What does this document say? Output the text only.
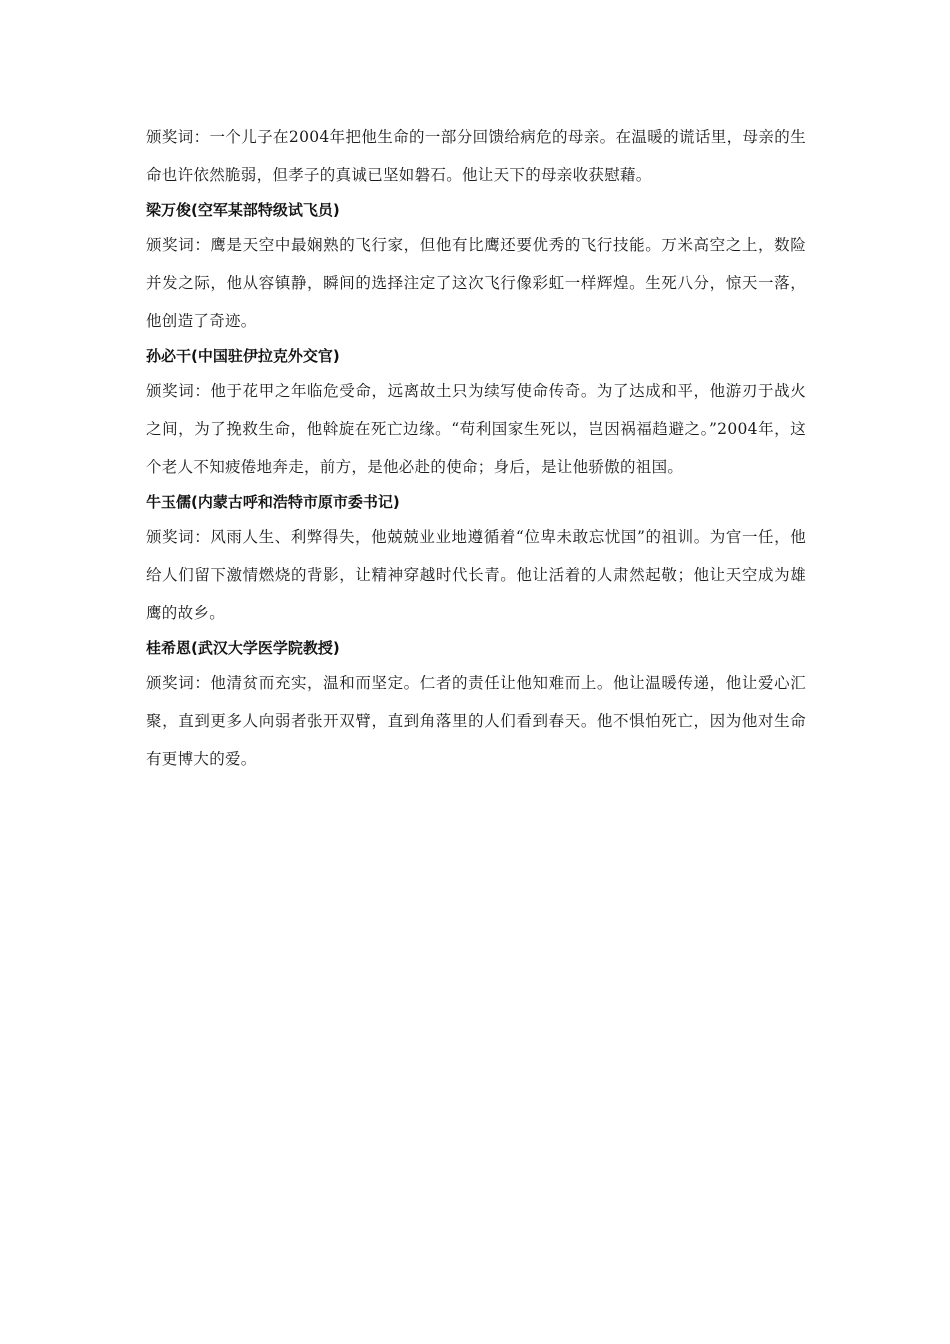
颁奖词：一个儿子在2004年把他生命的一部分回馈给病危的母亲。在温暖的谎话里，母亲的生命也许依然脆弱，但孝子的真诚已坚如磐石。他让天下的母亲收获慰藉。

梁万俊(空军某部特级试飞员)

颁奖词：鹰是天空中最娴熟的飞行家，但他有比鹰还要优秀的飞行技能。万米高空之上，数险并发之际，他从容镇静，瞬间的选择注定了这次飞行像彩虹一样辉煌。生死八分，惊天一落，他创造了奇迹。

孙必干(中国驻伊拉克外交官)

颁奖词：他于花甲之年临危受命，远离故土只为续写使命传奇。为了达成和平，他游刃于战火之间，为了挽救生命，他斡旋在死亡边缘。“苟利国家生死以，岂因祸福趋避之。”2004年，这个老人不知疲倦地奔走，前方，是他必赴的使命；身后，是让他骄傲的祖国。

牛玉儒(内蒙古呼和浩特市原市委书记)

颁奖词：风雨人生、利弊得失，他兢兢业业地遵循着“位卑未敢忘忧国”的祖训。为官一任，他给人们留下激情燃烧的背影，让精神穿越时代长青。他让活着的人肃然起敬；他让天空成为雄鹰的故乡。

桂希恩(武汉大学医学院教授)

颁奖词：他清贫而充实，温和而坚定。仁者的责任让他知难而上。他让温暖传递，他让爱心汇聚，直到更多人向弱者张开双臂，直到角落里的人们看到春天。他不惧怕死亡，因为他对生命有更博大的爱。
